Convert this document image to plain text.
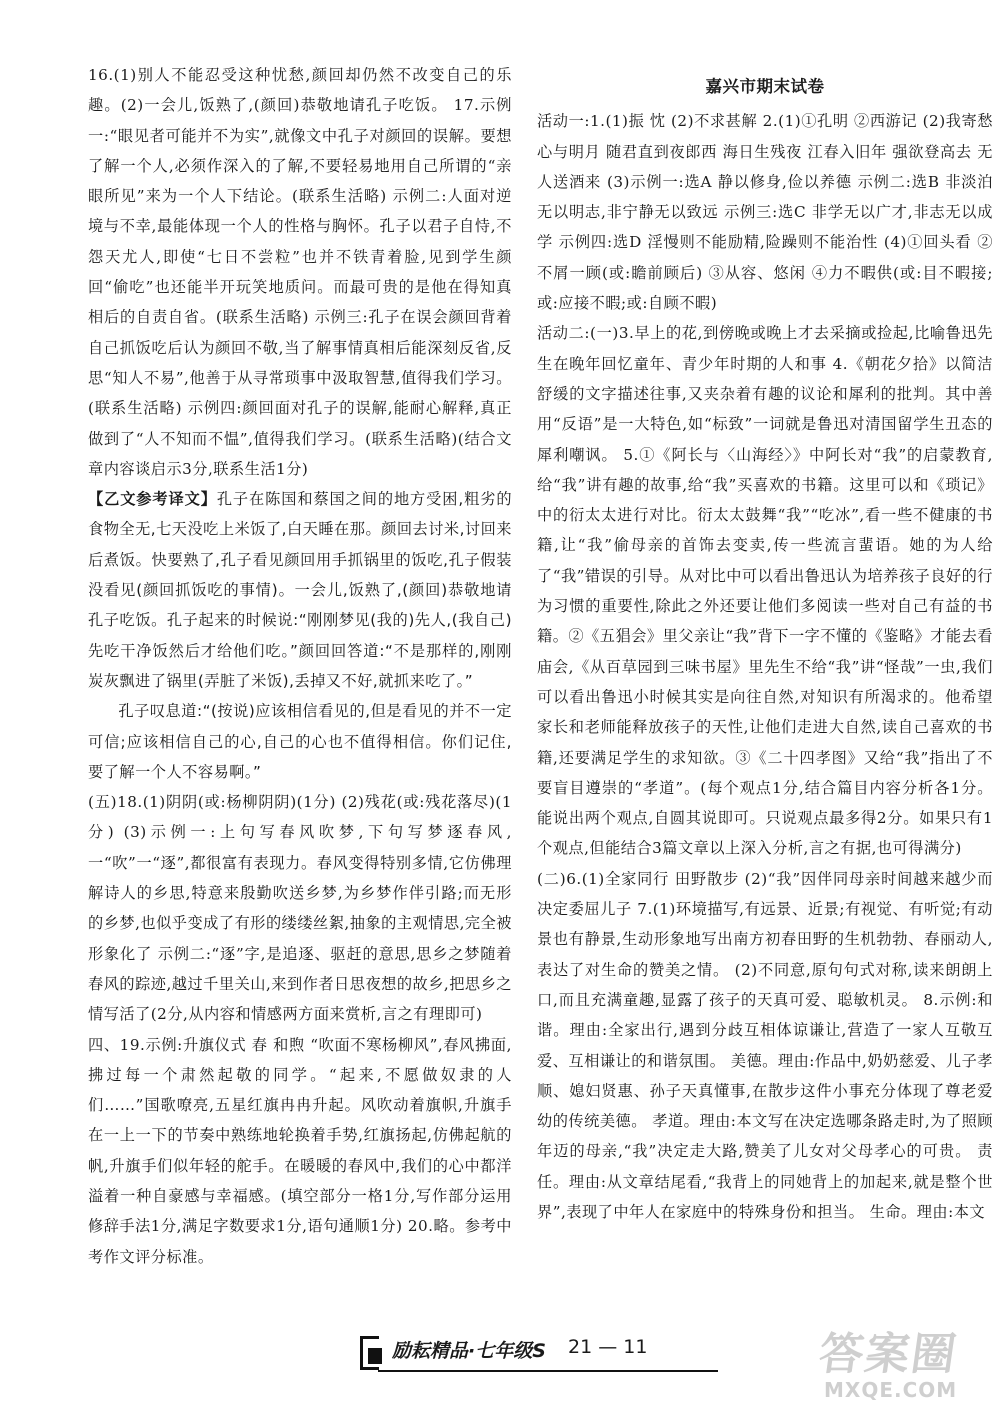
16.(1)别人不能忍受这种忧愁,颜回却仍然不改变自己的乐趣。(2)一会儿,饭熟了,(颜回)恭敬地请孔子吃饭。 17.示例一:“眼见者可能并不为实”,就像文中孔子对颜回的误解。要想了解一个人,必须作深入的了解,不要轻易地用自己所谓的“亲眼所见”来为一个人下结论。(联系生活略) 示例二:人面对逆境与不幸,最能体现一个人的性格与胸怀。孔子以君子自恃,不怨天尤人,即使“七日不尝粒”也并不铁青着脸,见到学生颜回“偷吃”也还能半开玩笑地质问。而最可贵的是他在得知真相后的自责自省。(联系生活略) 示例三:孔子在误会颜回背着自己抓饭吃后认为颜回不敬,当了解事情真相后能深刻反省,反思“知人不易”,他善于从寻常琐事中汲取智慧,值得我们学习。(联系生活略) 示例四:颜回面对孔子的误解,能耐心解释,真正做到了“人不知而不愠”,值得我们学习。(联系生活略)(结合文章内容谈启示3分,联系生活1分)

【乙文参考译文】孔子在陈国和蔡国之间的地方受困,粗劣的食物全无,七天没吃上米饭了,白天睡在那。颜回去讨米,讨回来后煮饭。快要熟了,孔子看见颜回用手抓锅里的饭吃,孔子假装没看见(颜回抓饭吃的事情)。一会儿,饭熟了,(颜回)恭敬地请孔子吃饭。孔子起来的时候说:“刚刚梦见(我的)先人,(我自己)先吃干净饭然后才给他们吃。”颜回回答道:“不是那样的,刚刚炭灰飘进了锅里(弄脏了米饭),丢掉又不好,就抓来吃了。”

孔子叹息道:“(按说)应该相信看见的,但是看见的并不一定可信;应该相信自己的心,自己的心也不值得相信。你们记住,要了解一个人不容易啊。”

(五)18.(1)阴阴(或:杨柳阴阴)(1分) (2)残花(或:残花落尽)(1分) (3)示例一:上句写春风吹梦,下句写梦逐春风,一“吹”一“逐”,都很富有表现力。春风变得特别多情,它仿佛理解诗人的乡思,特意来殷勤吹送乡梦,为乡梦作伴引路;而无形的乡梦,也似乎变成了有形的缕缕丝絮,抽象的主观情思,完全被形象化了 示例二:“逐”字,是追逐、驱赶的意思,思乡之梦随着春风的踪迹,越过千里关山,来到作者日思夜想的故乡,把思乡之情写活了(2分,从内容和情感两方面来赏析,言之有理即可)

四、19.示例:升旗仪式 春 和煦 “吹面不寒杨柳风”,春风拂面,拂过每一个肃然起敬的同学。“起来,不愿做奴隶的人们……”国歌嘹亮,五星红旗冉冉升起。风吹动着旗帜,升旗手在一上一下的节奏中熟练地轮换着手势,红旗扬起,仿佛起航的帆,升旗手们似年轻的舵手。在暖暖的春风中,我们的心中都洋溢着一种自豪感与幸福感。(填空部分一格1分,写作部分运用修辞手法1分,满足字数要求1分,语句通顺1分) 20.略。参考中考作文评分标准。

嘉兴市期末试卷

活动一:1.(1)振 忱 (2)不求甚解 2.(1)①孔明 ②西游记 (2)我寄愁心与明月 随君直到夜郎西 海日生残夜 江春入旧年 强欲登高去 无人送酒来 (3)示例一:选A 静以修身,俭以养德 示例二:选B 非淡泊无以明志,非宁静无以致远 示例三:选C 非学无以广才,非志无以成学 示例四:选D 淫慢则不能励精,险躁则不能治性 (4)①回头看 ②不屑一顾(或:瞻前顾后) ③从容、悠闲 ④力不暇供(或:目不暇接;或:应接不暇;或:自顾不暇)

活动二:(一)3.早上的花,到傍晚或晚上才去采摘或捡起,比喻鲁迅先生在晚年回忆童年、青少年时期的人和事 4.《朝花夕拾》以简洁舒缓的文字描述往事,又夹杂着有趣的议论和犀利的批判。其中善用“反语”是一大特色,如“标致”一词就是鲁迅对清国留学生丑态的犀利嘲讽。 5.①《阿长与〈山海经〉》中阿长对“我”的启蒙教育,给“我”讲有趣的故事,给“我”买喜欢的书籍。这里可以和《琐记》中的衍太太进行对比。衍太太鼓舞“我”“吃冰”,看一些不健康的书籍,让“我”偷母亲的首饰去变卖,传一些流言蜚语。她的为人给了“我”错误的引导。从对比中可以看出鲁迅认为培养孩子良好的行为习惯的重要性,除此之外还要让他们多阅读一些对自己有益的书籍。②《五猖会》里父亲让“我”背下一字不懂的《鉴略》才能去看庙会,《从百草园到三味书屋》里先生不给“我”讲“怪哉”一虫,我们可以看出鲁迅小时候其实是向往自然,对知识有所渴求的。他希望家长和老师能释放孩子的天性,让他们走进大自然,读自己喜欢的书籍,还要满足学生的求知欲。③《二十四孝图》又给“我”指出了不要盲目遵崇的“孝道”。(每个观点1分,结合篇目内容分析各1分。能说出两个观点,自圆其说即可。只说观点最多得2分。如果只有1个观点,但能结合3篇文章以上深入分析,言之有据,也可得满分)

(二)6.(1)全家同行 田野散步 (2)“我”因伴同母亲时间越来越少而决定委屈儿子 7.(1)环境描写,有远景、近景;有视觉、有听觉;有动景也有静景,生动形象地写出南方初春田野的生机勃勃、春丽动人,表达了对生命的赞美之情。 (2)不同意,原句句式对称,读来朗朗上口,而且充满童趣,显露了孩子的天真可爱、聪敏机灵。 8.示例:和谐。理由:全家出行,遇到分歧互相体谅谦让,营造了一家人互敬互爱、互相谦让的和谐氛围。 美德。理由:作品中,奶奶慈爱、儿子孝顺、媳妇贤惠、孙子天真懂事,在散步这件小事充分体现了尊老爱幼的传统美德。 孝道。理由:本文写在决定选哪条路走时,为了照顾年迈的母亲,“我”决定走大路,赞美了儿女对父母孝心的可贵。 责任。理由:从文章结尾看,“我背上的同她背上的加起来,就是整个世界”,表现了中年人在家庭中的特殊身份和担当。 生命。理由:本文

励耘精品·七年级S 21 — 11	答案圈
MXQE.COM
